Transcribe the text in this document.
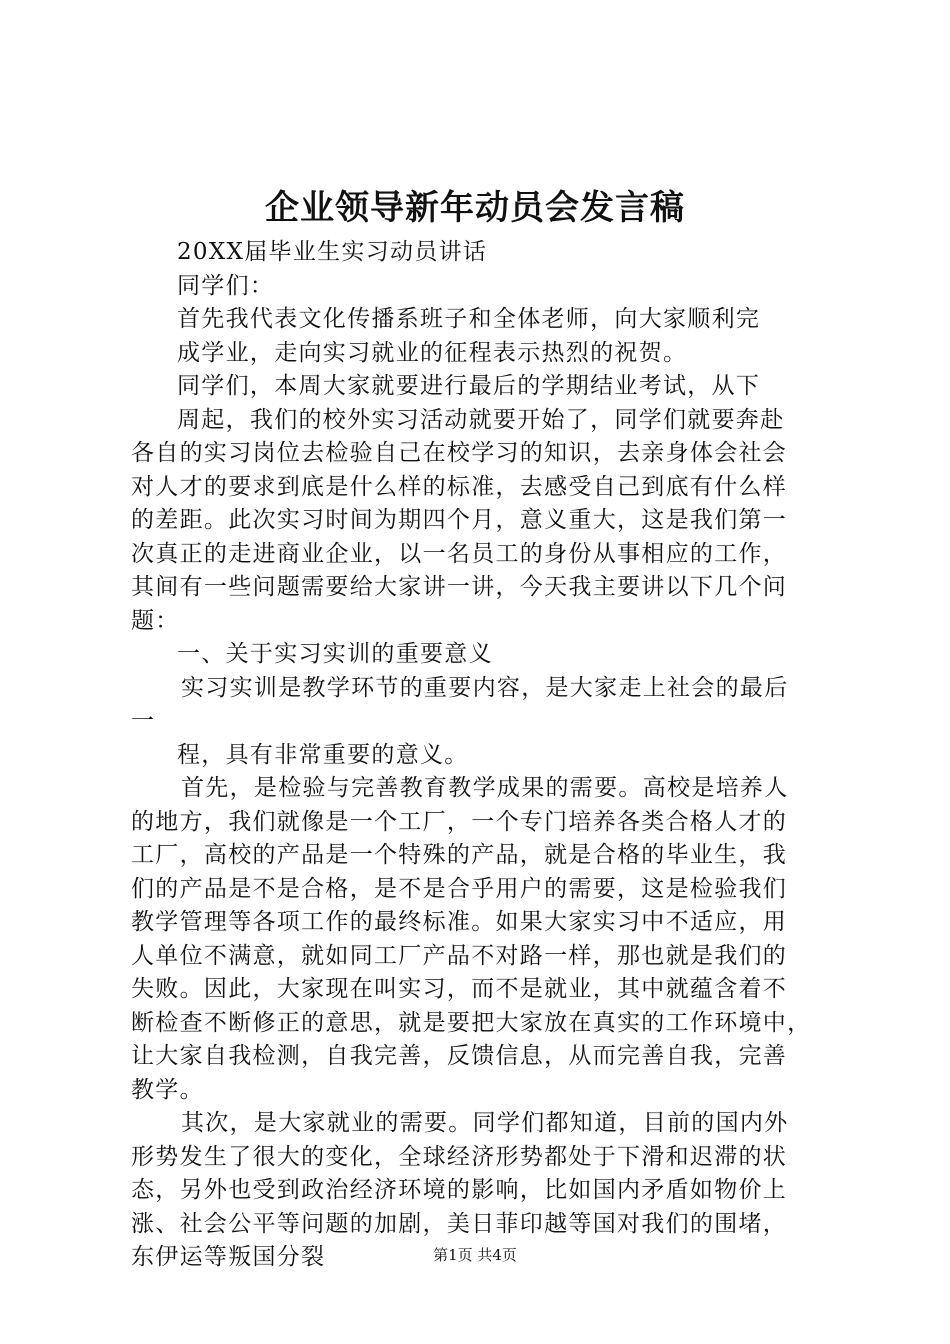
企业领导新年动员会发言稿
20XX届毕业生实习动员讲话
同学们：
首先我代表文化传播系班子和全体老师，向大家顺利完
成学业，走向实习就业的征程表示热烈的祝贺。
同学们，本周大家就要进行最后的学期结业考试，从下
周起，我们的校外实习活动就要开始了，同学们就要奔赴
各自的实习岗位去检验自己在校学习的知识，去亲身体会社会
对人才的要求到底是什么样的标准，去感受自己到底有什么样
的差距。此次实习时间为期四个月，意义重大，这是我们第一
次真正的走进商业企业，以一名员工的身份从事相应的工作，
其间有一些问题需要给大家讲一讲，今天我主要讲以下几个问
题：
一、关于实习实训的重要意义
实习实训是教学环节的重要内容，是大家走上社会的最后
一
程，具有非常重要的意义。
首先，是检验与完善教育教学成果的需要。高校是培养人
的地方，我们就像是一个工厂，一个专门培养各类合格人才的
工厂，高校的产品是一个特殊的产品，就是合格的毕业生，我
们的产品是不是合格，是不是合乎用户的需要，这是检验我们
教学管理等各项工作的最终标准。如果大家实习中不适应，用
人单位不满意，就如同工厂产品不对路一样，那也就是我们的
失败。因此，大家现在叫实习，而不是就业，其中就蕴含着不
断检查不断修正的意思，就是要把大家放在真实的工作环境中，
让大家自我检测，自我完善，反馈信息，从而完善自我，完善
教学。
其次，是大家就业的需要。同学们都知道，目前的国内外
形势发生了很大的变化，全球经济形势都处于下滑和迟滞的状
态，另外也受到政治经济环境的影响，比如国内矛盾如物价上
涨、社会公平等问题的加剧，美日菲印越等国对我们的围堵，
东伊运等叛国分裂	第1页 共4页
